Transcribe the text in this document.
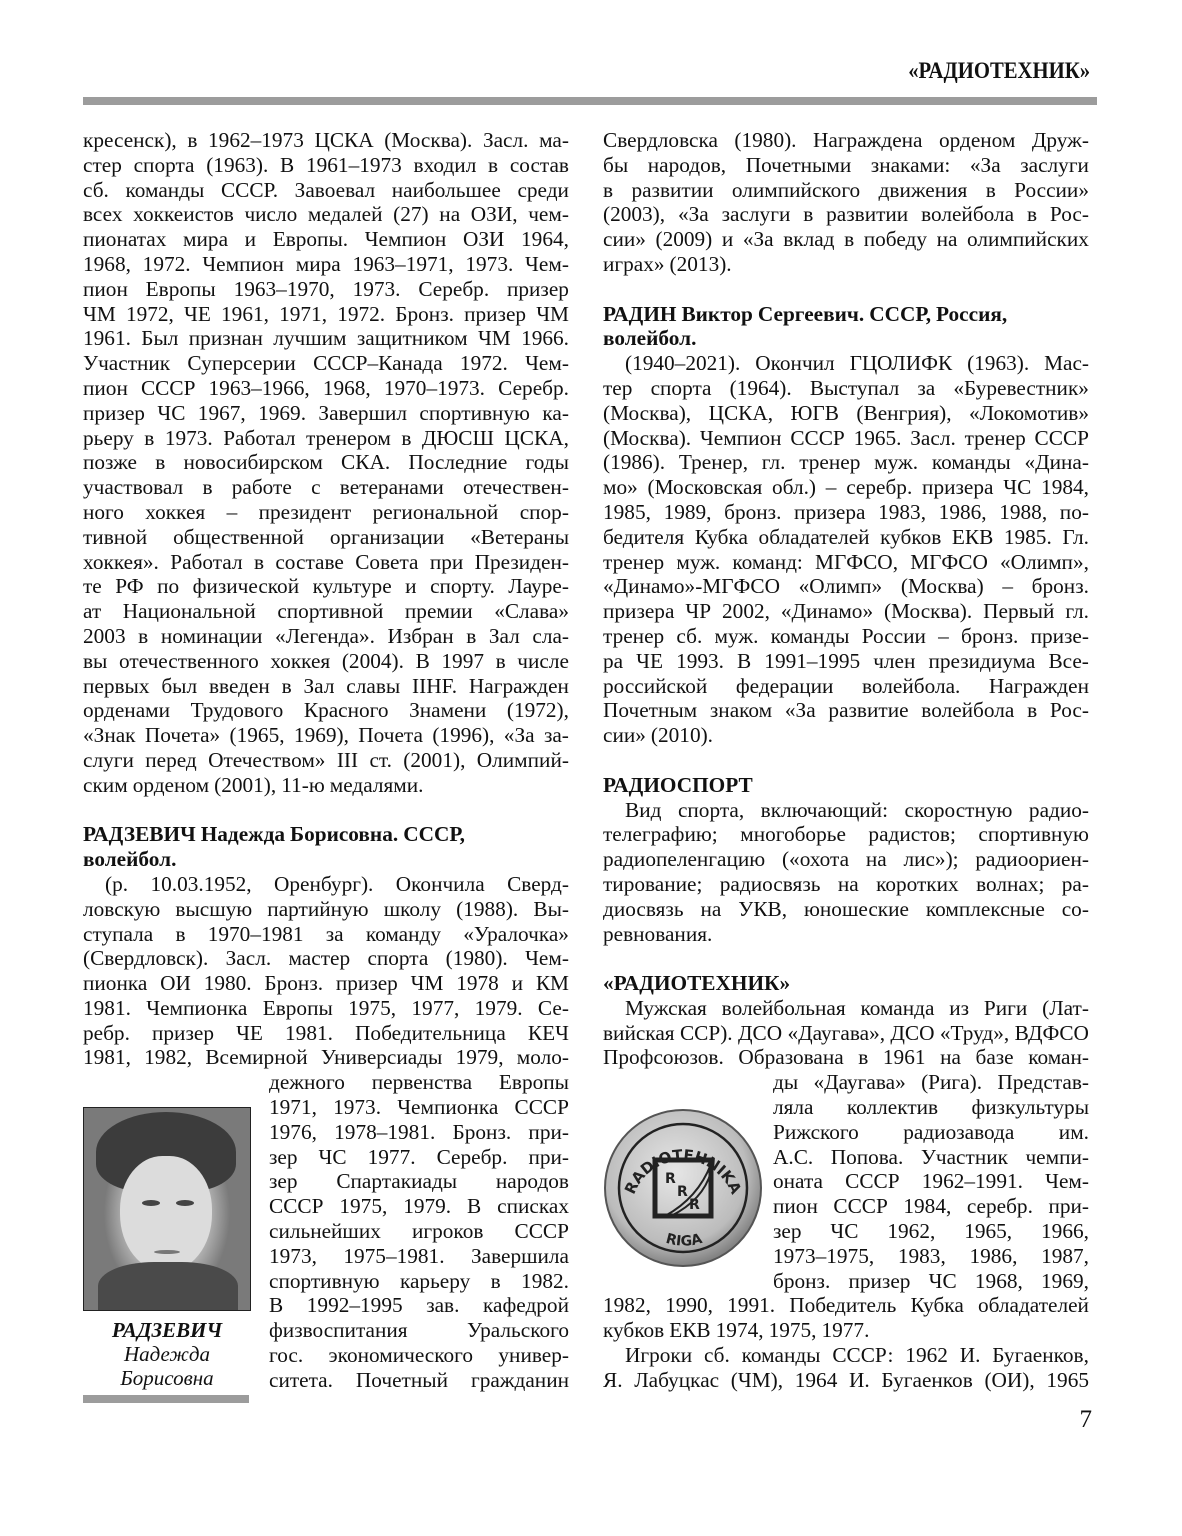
«РАДИОТЕХНИК»
кресенск), в 1962–1973 ЦСКА (Москва). Засл. ма-
стер спорта (1963). В 1961–1973 входил в состав
сб. команды СССР. Завоевал наибольшее среди
всех хоккеистов число медалей (27) на ОЗИ, чем-
пионатах мира и Европы. Чемпион ОЗИ 1964,
1968, 1972. Чемпион мира 1963–1971, 1973. Чем-
пион Европы 1963–1970, 1973. Серебр. призер
ЧМ 1972, ЧЕ 1961, 1971, 1972. Бронз. призер ЧМ
1961. Был признан лучшим защитником ЧМ 1966.
Участник Суперсерии СССР–Канада 1972. Чем-
пион СССР 1963–1966, 1968, 1970–1973. Серебр.
призер ЧС 1967, 1969. Завершил спортивную ка-
рьеру в 1973. Работал тренером в ДЮСШ ЦСКА,
позже в новосибирском СКА. Последние годы
участвовал в работе с ветеранами отечествен-
ного хоккея – президент региональной спор-
тивной общественной организации «Ветераны
хоккея». Работал в составе Совета при Президен-
те РФ по физической культуре и спорту. Лауре-
ат Национальной спортивной премии «Слава»
2003 в номинации «Легенда». Избран в Зал сла-
вы отечественного хоккея (2004). В 1997 в числе
первых был введен в Зал славы IIHF. Награжден
орденами Трудового Красного Знамени (1972),
«Знак Почета» (1965, 1969), Почета (1996), «За за-
слуги перед Отечеством» III ст. (2001), Олимпий-
ским орденом (2001), 11-ю медалями.
РАДЗЕВИЧ Надежда Борисовна. СССР,
волейбол.
(р. 10.03.1952, Оренбург). Окончила Сверд-
ловскую высшую партийную школу (1988). Вы-
ступала в 1970–1981 за команду «Уралочка»
(Свердловск). Засл. мастер спорта (1980). Чем-
пионка ОИ 1980. Бронз. призер ЧМ 1978 и КМ
1981. Чемпионка Европы 1975, 1977, 1979. Се-
ребр. призер ЧЕ 1981. Победительница КЕЧ
1981, 1982, Всемирной Универсиады 1979, моло-
дежного первенства Европы
1971, 1973. Чемпионка СССР
1976, 1978–1981. Бронз. при-
зер ЧС 1977. Серебр. при-
зер Спартакиады народов
СССР 1975, 1979. В списках
сильнейших игроков СССР
1973, 1975–1981. Завершила
спортивную карьеру в 1982.
В 1992–1995 зав. кафедрой
физвоспитания	Уральского
гос. экономического универ-
ситета. Почетный гражданин
Свердловска (1980). Награждена орденом Друж-
бы народов, Почетными знаками: «За заслуги
в развитии олимпийского движения в России»
(2003), «За заслуги в развитии волейбола в Рос-
сии» (2009) и «За вклад в победу на олимпийских
играх» (2013).
РАДИН Виктор Сергеевич. СССР, Россия,
волейбол.
(1940–2021). Окончил ГЦОЛИФК (1963). Мас-
тер спорта (1964). Выступал за «Буревестник»
(Москва), ЦСКА, ЮГВ (Венгрия), «Локомотив»
(Москва). Чемпион СССР 1965. Засл. тренер СССР
(1986). Тренер, гл. тренер муж. команды «Дина-
мо» (Московская обл.) – серебр. призера ЧС 1984,
1985, 1989, бронз. призера 1983, 1986, 1988, по-
бедителя Кубка обладателей кубков ЕКВ 1985. Гл.
тренер муж. команд: МГФСО, МГФСО «Олимп»,
«Динамо»-МГФСО «Олимп» (Москва) – бронз.
призера ЧР 2002, «Динамо» (Москва). Первый гл.
тренер сб. муж. команды России – бронз. призе-
ра ЧЕ 1993. В 1991–1995 член президиума Все-
российской федерации волейбола. Награжден
Почетным знаком «За развитие волейбола в Рос-
сии» (2010).
РАДИОСПОРТ
Вид спорта, включающий: скоростную радио-
телеграфию; многоборье радистов; спортивную
радиопеленгацию («охота на лис»); радиоориен-
тирование; радиосвязь на коротких волнах; ра-
диосвязь на УКВ, юношеские комплексные со-
ревнования.
«РАДИОТЕХНИК»
Мужская волейбольная команда из Риги (Лат-
вийская ССР). ДСО «Даугава», ДСО «Труд», ВДФСО
Профсоюзов. Образована в 1961 на базе коман-
ды «Даугава» (Рига). Представ-
ляла коллектив физкультуры
Рижского радиозавода им.
А.С. Попова. Участник чемпи-
оната СССР 1962–1991. Чем-
пион СССР 1984, серебр. при-
зер ЧС 1962, 1965, 1966,
1973–1975, 1983, 1986, 1987,
бронз. призер ЧС 1968, 1969,
1982, 1990, 1991. Победитель Кубка обладателей
кубков ЕКВ 1974, 1975, 1977.
Игроки сб. команды СССР: 1962 И. Бугаенков,
Я. Лабуцкас (ЧМ), 1964 И. Бугаенков (ОИ), 1965
РАДЗЕВИЧ
Надежда
Борисовна
RADIOTEHNIKA
RIGA
R
R
R
7
